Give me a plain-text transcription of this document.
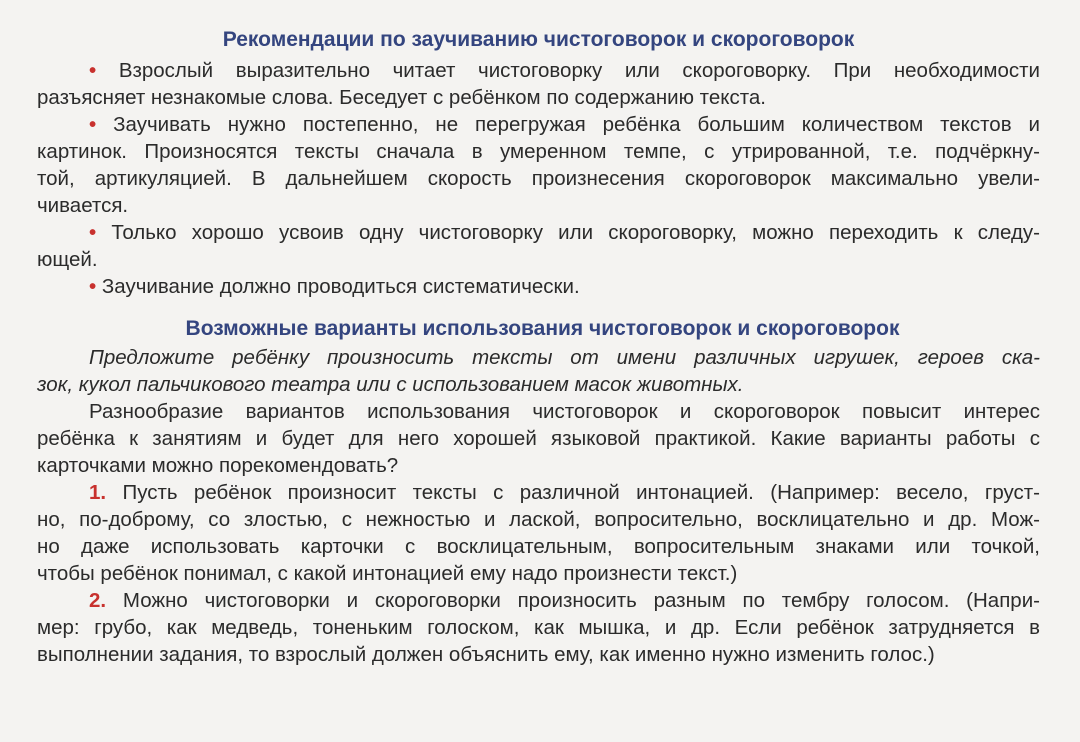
Рекомендации по заучиванию чистоговорок и скороговорок
• Взрослый выразительно читает чистоговорку или скороговорку. При необходимости
разъясняет незнакомые слова. Беседует с ребёнком по содержанию текста.
• Заучивать нужно постепенно, не перегружая ребёнка большим количеством текстов и
картинок. Произносятся тексты сначала в умеренном темпе, с утрированной, т.е. подчёркну-
той, артикуляцией. В дальнейшем скорость произнесения скороговорок максимально увели-
чивается.
• Только хорошо усвоив одну чистоговорку или скороговорку, можно переходить к следу-
ющей.
• Заучивание должно проводиться систематически.
Возможные варианты использования чистоговорок и скороговорок
Предложите ребёнку произносить тексты от имени различных игрушек, героев ска-
зок, кукол пальчикового театра или с использованием масок животных.
Разнообразие вариантов использования чистоговорок и скороговорок повысит интерес
ребёнка к занятиям и будет для него хорошей языковой практикой. Какие варианты работы с
карточками можно порекомендовать?
1. Пусть ребёнок произносит тексты с различной интонацией. (Например: весело, груст-
но, по-доброму, со злостью, с нежностью и лаской, вопросительно, восклицательно и др. Мож-
но даже использовать карточки с восклицательным, вопросительным знаками или точкой,
чтобы ребёнок понимал, с какой интонацией ему надо произнести текст.)
2. Можно чистоговорки и скороговорки произносить разным по тембру голосом. (Напри-
мер: грубо, как медведь, тоненьким голоском, как мышка, и др. Если ребёнок затрудняется в
выполнении задания, то взрослый должен объяснить ему, как именно нужно изменить голос.)
